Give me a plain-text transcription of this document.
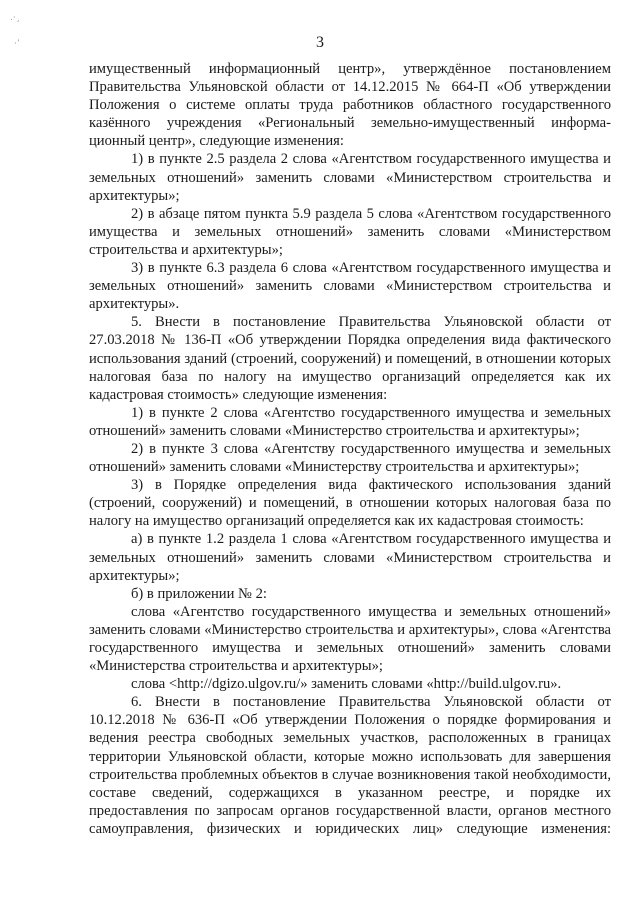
.·¸
·’	3

имущественный информационный центр», утверждённое постановлением Правительства Ульяновской области от 14.12.2015 № 664-П «Об утверждении Положения о системе оплаты труда работников областного государственного казённого учреждения «Региональный земельно-имущественный информа-ционный центр», следующие изменения:

1) в пункте 2.5 раздела 2 слова «Агентством государственного имущества и земельных отношений» заменить словами «Министерством строительства и архитектуры»;

2) в абзаце пятом пункта 5.9 раздела 5 слова «Агентством государственного имущества и земельных отношений» заменить словами «Министерством строительства и архитектуры»;

3) в пункте 6.3 раздела 6 слова «Агентством государственного имущества и земельных отношений» заменить словами «Министерством строительства и архитектуры».

5. Внести в постановление Правительства Ульяновской области от 27.03.2018 № 136-П «Об утверждении Порядка определения вида фактического использования зданий (строений, сооружений) и помещений, в отношении которых налоговая база по налогу на имущество организаций определяется как их кадастровая стоимость» следующие изменения:

1) в пункте 2 слова «Агентство государственного имущества и земельных отношений» заменить словами «Министерство строительства и архитектуры»;

2) в пункте 3 слова «Агентству государственного имущества и земельных отношений» заменить словами «Министерству строительства и архитектуры»;

3) в Порядке определения вида фактического использования зданий (строений, сооружений) и помещений, в отношении которых налоговая база по налогу на имущество организаций определяется как их кадастровая стоимость:

а) в пункте 1.2 раздела 1 слова «Агентством государственного имущества и земельных отношений» заменить словами «Министерством строительства и архитектуры»;

б) в приложении № 2:

слова «Агентство государственного имущества и земельных отношений» заменить словами «Министерство строительства и архитектуры», слова «Агентства государственного имущества и земельных отношений» заменить словами «Министерства строительства и архитектуры»;

слова <http://dgizo.ulgov.ru/» заменить словами «http://build.ulgov.ru».

6. Внести в постановление Правительства Ульяновской области от 10.12.2018 № 636-П «Об утверждении Положения о порядке формирования и ведения реестра свободных земельных участков, расположенных в границах территории Ульяновской области, которые можно использовать для завершения строительства проблемных объектов в случае возникновения такой необходимости, составе сведений, содержащихся в указанном реестре, и порядке их предоставления по запросам органов государственной власти, органов местного самоуправления, физических и юридических лиц» следующие изменения:
